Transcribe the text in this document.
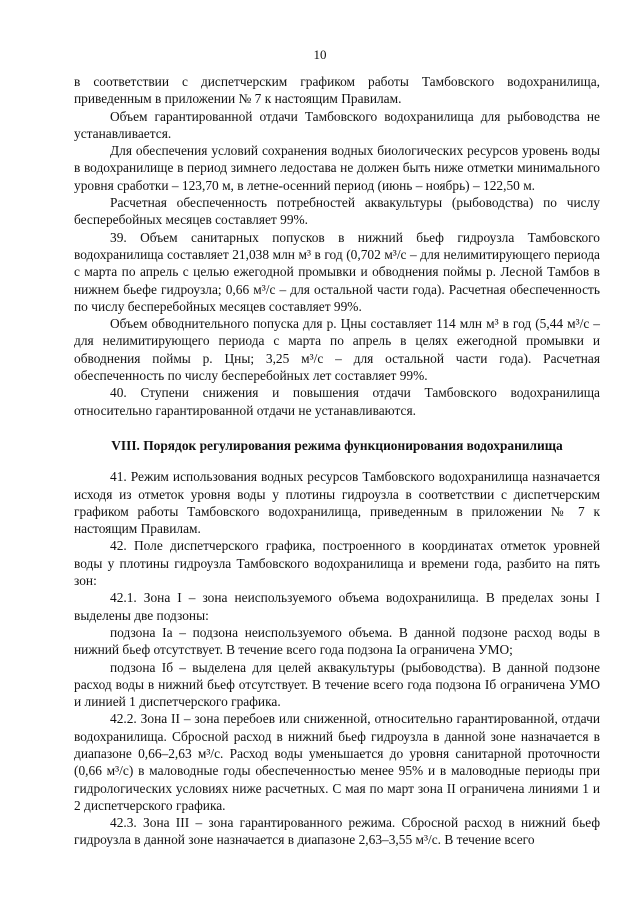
10

в соответствии с диспетчерским графиком работы Тамбовского водохранилища, приведенным в приложении № 7 к настоящим Правилам.

Объем гарантированной отдачи Тамбовского водохранилища для рыбоводства не устанавливается.

Для обеспечения условий сохранения водных биологических ресурсов уровень воды в водохранилище в период зимнего ледостава не должен быть ниже отметки минимального уровня сработки – 123,70 м, в летне-осенний период (июнь – ноябрь) – 122,50 м.

Расчетная обеспеченность потребностей аквакультуры (рыбоводства) по числу бесперебойных месяцев составляет 99%.

39. Объем санитарных попусков в нижний бьеф гидроузла Тамбовского водохранилища составляет 21,038 млн м³ в год (0,702 м³/с – для нелимитирующего периода с марта по апрель с целью ежегодной промывки и обводнения поймы р. Лесной Тамбов в нижнем бьефе гидроузла; 0,66 м³/с – для остальной части года). Расчетная обеспеченность по числу бесперебойных месяцев составляет 99%.

Объем обводнительного попуска для р. Цны составляет 114 млн м³ в год (5,44 м³/с – для нелимитирующего периода с марта по апрель в целях ежегодной промывки и обводнения поймы р. Цны; 3,25 м³/с – для остальной части года). Расчетная обеспеченность по числу бесперебойных лет составляет 99%.

40. Ступени снижения и повышения отдачи Тамбовского водохранилища относительно гарантированной отдачи не устанавливаются.

VIII. Порядок регулирования режима функционирования водохранилища

41. Режим использования водных ресурсов Тамбовского водохранилища назначается исходя из отметок уровня воды у плотины гидроузла в соответствии с диспетчерским графиком работы Тамбовского водохранилища, приведенным в приложении № 7 к настоящим Правилам.

42. Поле диспетчерского графика, построенного в координатах отметок уровней воды у плотины гидроузла Тамбовского водохранилища и времени года, разбито на пять зон:

42.1. Зона I – зона неиспользуемого объема водохранилища. В пределах зоны I выделены две подзоны:

подзона Iа – подзона неиспользуемого объема. В данной подзоне расход воды в нижний бьеф отсутствует. В течение всего года подзона Iа ограничена УМО;

подзона Iб – выделена для целей аквакультуры (рыбоводства). В данной подзоне расход воды в нижний бьеф отсутствует. В течение всего года подзона Iб ограничена УМО и линией 1 диспетчерского графика.

42.2. Зона II – зона перебоев или сниженной, относительно гарантированной, отдачи водохранилища. Сбросной расход в нижний бьеф гидроузла в данной зоне назначается в диапазоне 0,66–2,63 м³/с. Расход воды уменьшается до уровня санитарной проточности (0,66 м³/с) в маловодные годы обеспеченностью менее 95% и в маловодные периоды при гидрологических условиях ниже расчетных. С мая по март зона II ограничена линиями 1 и 2 диспетчерского графика.

42.3. Зона III – зона гарантированного режима. Сбросной расход в нижний бьеф гидроузла в данной зоне назначается в диапазоне 2,63–3,55 м³/с. В течение всего
